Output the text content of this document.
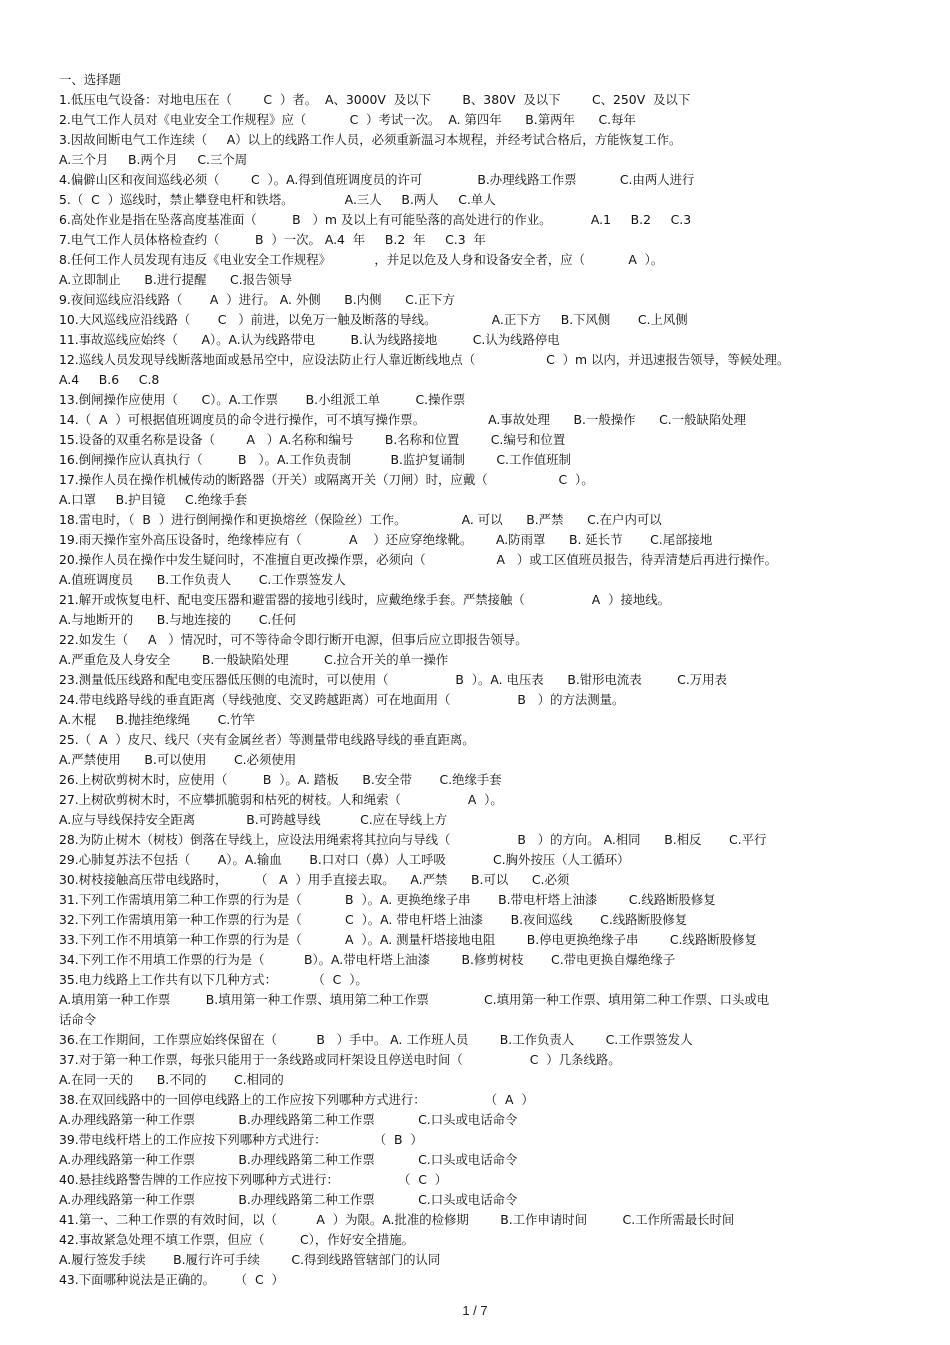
一、选择题
1.低压电气设备：对地电压在（        C  ）者。  A、3000V  及以下        B、380V  及以下        C、250V  及以下
2.电气工作人员对《电业安全工作规程》应（           C  ）考试一次。  A. 第四年      B.第两年      C.每年
3.因故间断电气工作连续（     A）以上的线路工作人员，必须重新温习本规程，并经考试合格后，方能恢复工作。
A.三个月     B.两个月     C.三个周
4.偏僻山区和夜间巡线必须（        C  ）。A.得到值班调度员的许可              B.办理线路工作票           C.由两人进行
5.（  C  ）巡线时，禁止攀登电杆和铁塔。             A.三人     B.两人     C.单人
6.高处作业是指在坠落高度基准面（         B   ）m 及以上有可能坠落的高处进行的作业。          A.1     B.2     C.3
7.电气工作人员体格检查约（         B  ）一次。 A.4  年     B.2  年     C.3  年
8.任何工作人员发现有违反《电业安全工作规程》           ，并足以危及人身和设备安全者，应（           A  ）。
A.立即制止      B.进行提醒      C.报告领导
9.夜间巡线应沿线路（       A  ）进行。 A. 外侧      B.内侧      C.正下方
10.大风巡线应沿线路（       C   ）前进，以免万一触及断落的导线。              A.正下方     B.下风侧       C.上风侧
11.事故巡线应始终（      A）。A.认为线路带电         B.认为线路接地         C.认为线路停电
12.巡线人员发现导线断落地面或悬吊空中，应设法防止行人靠近断线地点（                  C  ）m 以内，并迅速报告领导，等候处理。
A.4     B.6     C.8
13.倒闸操作应使用（      C）。A.工作票       B.小组派工单         C.操作票
14.（  A  ）可根据值班调度员的命令进行操作，可不填写操作票。                A.事故处理      B.一般操作      C.一般缺陷处理
15.设备的双重名称是设备（        A   ）A.名称和编号        B.名称和位置        C.编号和位置
16.倒闸操作应认真执行（         B   ）。A.工作负责制          B.监护复诵制        C.工作值班制
17.操作人员在操作机械传动的断路器（开关）或隔离开关（刀闸）时，应戴（                  C  ）。
A.口罩     B.护目镜     C.绝缘手套
18.雷电时，（  B  ）进行倒闸操作和更换熔丝（保险丝）工作。              A. 可以      B.严禁      C.在户内可以
19.雨天操作室外高压设备时，绝缘棒应有（            A    ）还应穿绝缘靴。      A.防雨罩      B. 延长节       C.尾部接地
20.操作人员在操作中发生疑问时，不准擅自更改操作票，必须向（                  A   ）或工区值班员报告，待弄清楚后再进行操作。
A.值班调度员      B.工作负责人       C.工作票签发人
21.解开或恢复电杆、配电变压器和避雷器的接地引线时，应戴绝缘手套。严禁接触（                 A  ）接地线。
A.与地断开的      B.与地连接的       C.任何
22.如发生（     A   ）情况时，可不等待命令即行断开电源，但事后应立即报告领导。
A.严重危及人身安全        B.一般缺陷处理         C.拉合开关的单一操作
23.测量低压线路和配电变压器低压侧的电流时，可以使用（                 B  ）。A. 电压表      B.钳形电流表         C.万用表
24.带电线路导线的垂直距离（导线弛度、交叉跨越距离）可在地面用（                 B   ）的方法测量。
A.木棍     B.抛挂绝缘绳       C.竹竿
25.（  A  ）皮尺、线尺（夹有金属丝者）等测量带电线路导线的垂直距离。
A.严禁使用      B.可以使用       C.必须使用
26.上树砍剪树木时，应使用（         B  ）。A. 踏板      B.安全带       C.绝缘手套
27.上树砍剪树木时，不应攀抓脆弱和枯死的树枝。人和绳索（                 A  ）。
A.应与导线保持安全距离             B.可跨越导线          C.应在导线上方
28.为防止树木（树枝）倒落在导线上，应设法用绳索将其拉向与导线（                 B   ）的方向。 A.相同      B.相反       C.平行
29.心肺复苏法不包括（       A）。A.输血       B.口对口（鼻）人工呼吸            C.胸外按压（人工循环）
30.树枝接触高压带电线路时，       （   A  ）用手直接去取。    A.严禁      B.可以      C.必须
31.下列工作需填用第二种工作票的行为是（           B  ）。A. 更换绝缘子串       B.带电杆塔上油漆        C.线路断股修复
32.下列工作需填用第一种工作票的行为是（           C  ）。A. 带电杆塔上油漆       B.夜间巡线       C.线路断股修复
33.下列工作不用填第一种工作票的行为是（           A  ）。A. 测量杆塔接地电阻        B.停电更换绝缘子串        C.线路断股修复
34.下列工作不用填工作票的行为是（          B）。A.带电杆塔上油漆        B.修剪树枝       C.带电更换自爆绝缘子
35.电力线路上工作共有以下几种方式：         （  C  ）。
A.填用第一种工作票         B.填用第一种工作票、填用第二种工作票              C.填用第一种工作票、填用第二种工作票、口头或电
话命令
36.在工作期间，工作票应始终保留在（          B   ）手中。 A. 工作班人员        B.工作负责人        C.工作票签发人
37.对于第一种工作票，每张只能用于一条线路或同杆架设且停送电时间（                 C  ）几条线路。
A.在同一天的      B.不同的       C.相同的
38.在双回线路中的一回停电线路上的工作应按下列哪种方式进行：               （  A  ）
A.办理线路第一种工作票           B.办理线路第二种工作票           C.口头或电话命令
39.带电线杆塔上的工作应按下列哪种方式进行：            （  B  ）
A.办理线路第一种工作票           B.办理线路第二种工作票           C.口头或电话命令
40.悬挂线路警告牌的工作应按下列哪种方式进行：               （  C  ）
A.办理线路第一种工作票           B.办理线路第二种工作票           C.口头或电话命令
41.第一、二种工作票的有效时间，以（          A  ）为限。A.批准的检修期        B.工作申请时间         C.工作所需最长时间
42.事故紧急处理不填工作票，但应（         C），作好安全措施。
A.履行签发手续       B.履行许可手续        C.得到线路管辖部门的认同
43.下面哪种说法是正确的。     （  C  ）
1 / 7
